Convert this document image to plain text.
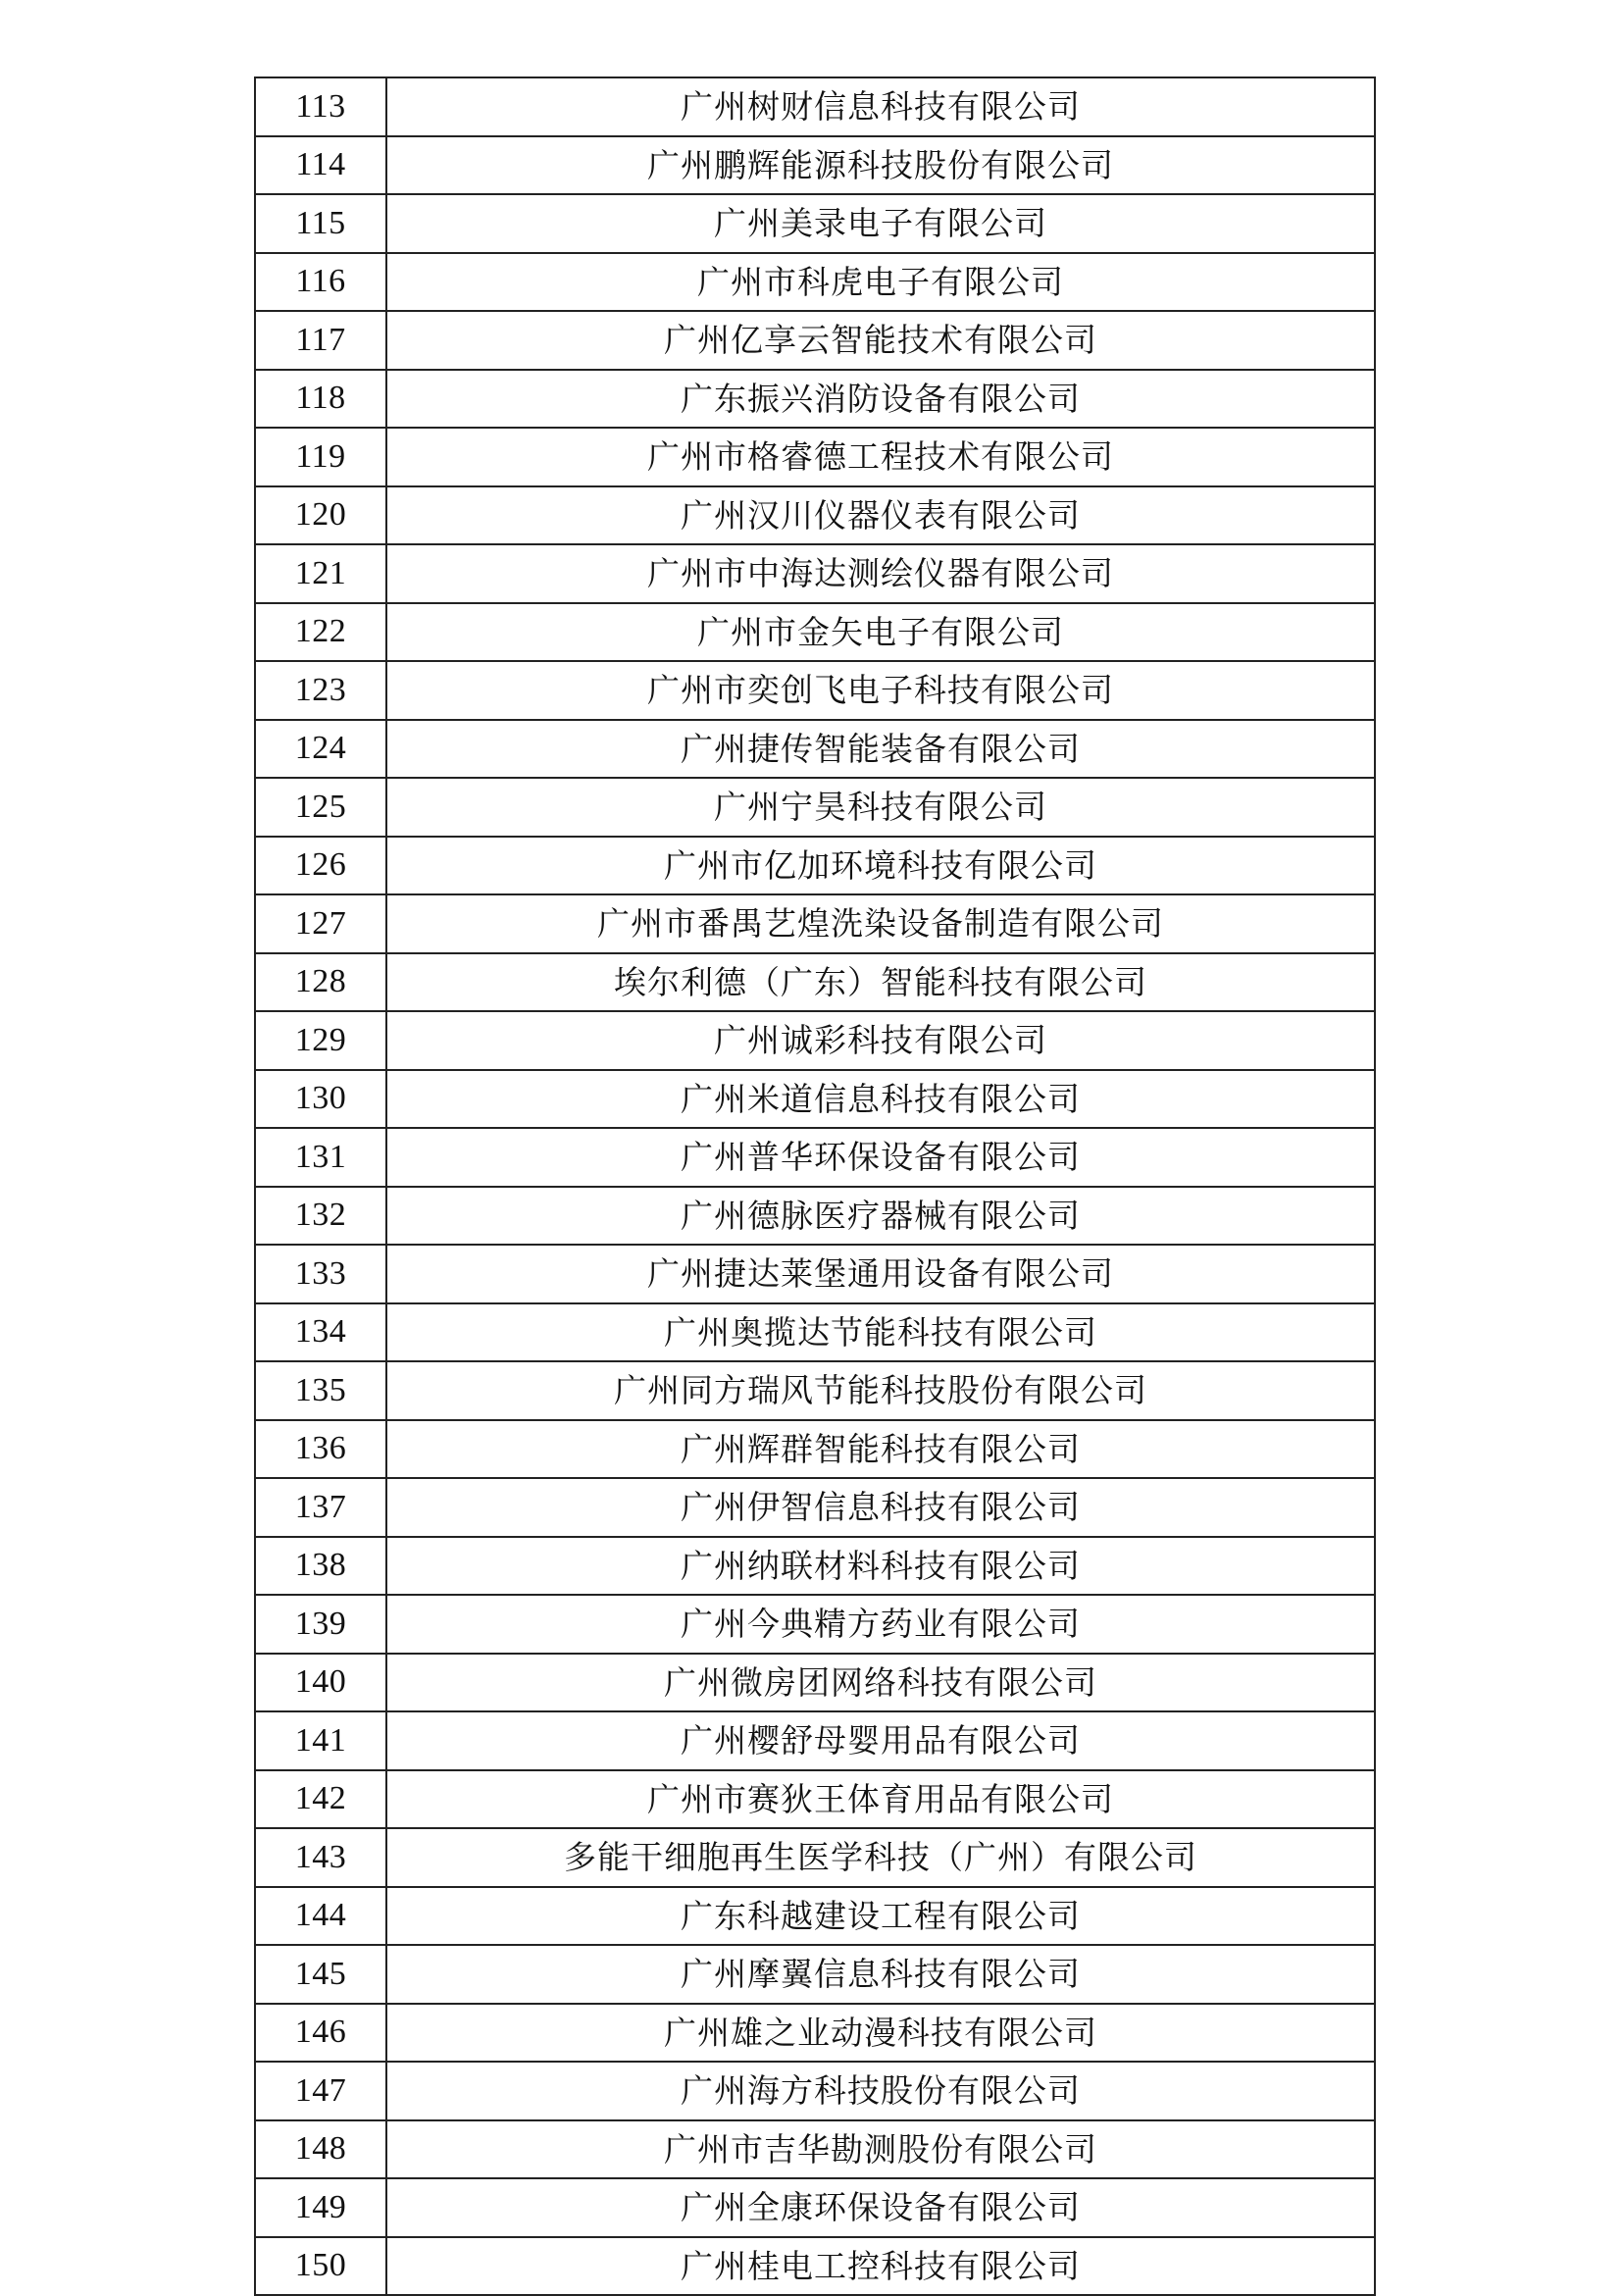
113	广州树财信息科技有限公司
114	广州鹏辉能源科技股份有限公司
115	广州美录电子有限公司
116	广州市科虎电子有限公司
117	广州亿享云智能技术有限公司
118	广东振兴消防设备有限公司
119	广州市格睿德工程技术有限公司
120	广州汉川仪器仪表有限公司
121	广州市中海达测绘仪器有限公司
122	广州市金矢电子有限公司
123	广州市奕创飞电子科技有限公司
124	广州捷传智能装备有限公司
125	广州宁昊科技有限公司
126	广州市亿加环境科技有限公司
127	广州市番禺艺煌洗染设备制造有限公司
128	埃尔利德（广东）智能科技有限公司
129	广州诚彩科技有限公司
130	广州米道信息科技有限公司
131	广州普华环保设备有限公司
132	广州德脉医疗器械有限公司
133	广州捷达莱堡通用设备有限公司
134	广州奥揽达节能科技有限公司
135	广州同方瑞风节能科技股份有限公司
136	广州辉群智能科技有限公司
137	广州伊智信息科技有限公司
138	广州纳联材料科技有限公司
139	广州今典精方药业有限公司
140	广州微房团网络科技有限公司
141	广州樱舒母婴用品有限公司
142	广州市赛狄王体育用品有限公司
143	多能干细胞再生医学科技（广州）有限公司
144	广东科越建设工程有限公司
145	广州摩翼信息科技有限公司
146	广州雄之业动漫科技有限公司
147	广州海方科技股份有限公司
148	广州市吉华勘测股份有限公司
149	广州全康环保设备有限公司
150	广州桂电工控科技有限公司
